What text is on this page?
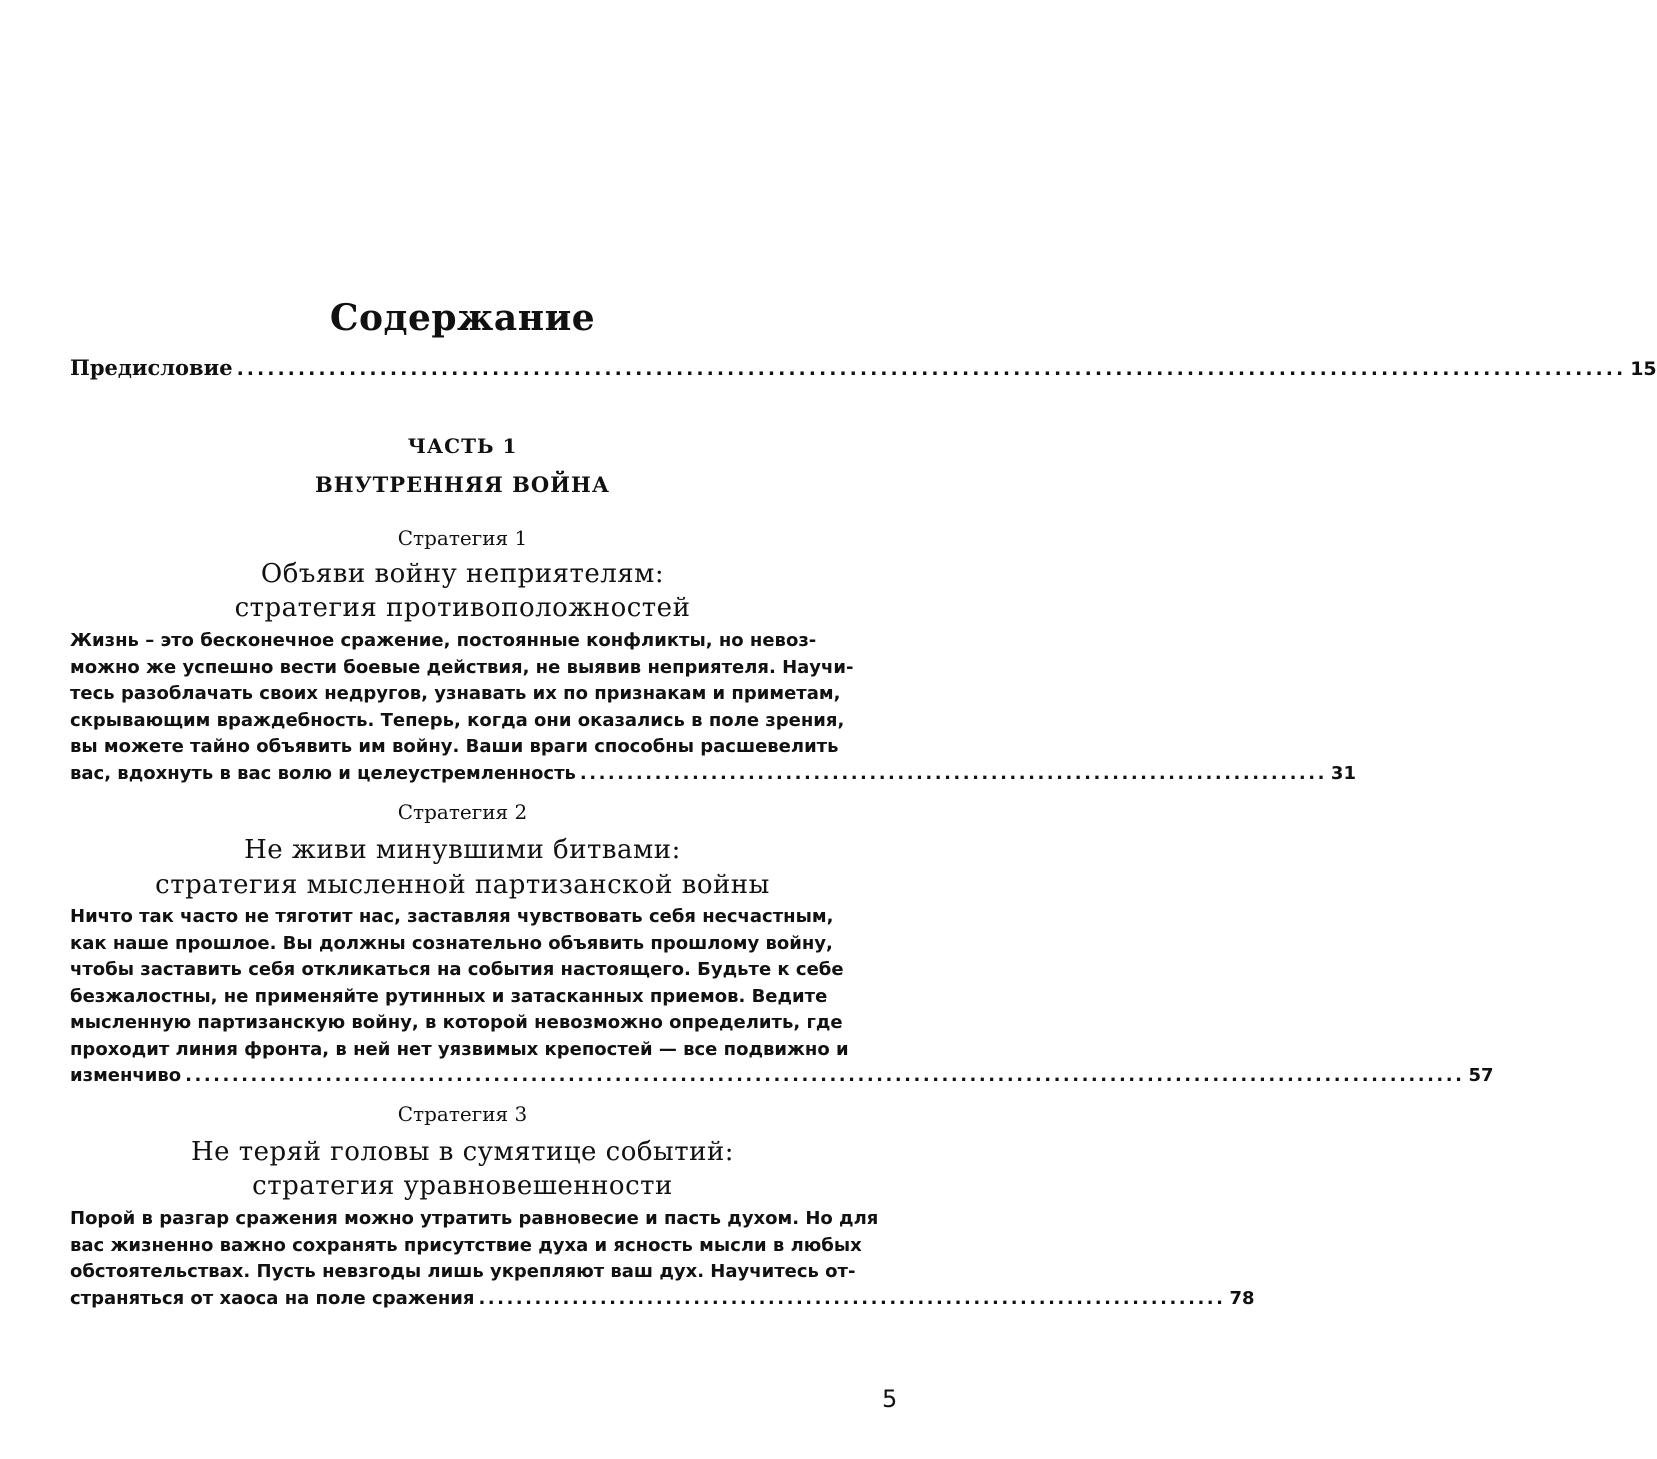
Содержание
Предисловие ........................................................................................................................................ 15
ЧАСТЬ 1
ВНУТРЕННЯЯ ВОЙНА
Стратегия 1
Объяви войну неприятелям:
стратегия противоположностей
Жизнь – это бесконечное сражение, постоянные конфликты, но невоз-
можно же успешно вести боевые действия, не выявив неприятеля. Научи-
тесь разоблачать своих недругов, узнавать их по признакам и приметам,
скрывающим враждебность. Теперь, когда они оказались в поле зрения,
вы можете тайно объявить им войну. Ваши враги способны расшевелить
вас, вдохнуть в вас волю и целеустремленность ................................................................................ 31
Стратегия 2
Не живи минувшими битвами:
стратегия мысленной партизанской войны
Ничто так часто не тяготит нас, заставляя чувствовать себя несчастным,
как наше прошлое. Вы должны сознательно объявить прошлому войну,
чтобы заставить себя откликаться на события настоящего. Будьте к себе
безжалостны, не применяйте рутинных и затасканных приемов. Ведите
мысленную партизанскую войну, в которой невозможно определить, где
проходит линия фронта, в ней нет уязвимых крепостей — все подвижно и
изменчиво ......................................................................................................................................... 57
Стратегия 3
Не теряй головы в сумятице событий:
стратегия уравновешенности
Порой в разгар сражения можно утратить равновесие и пасть духом. Но для
вас жизненно важно сохранять присутствие духа и ясность мысли в любых
обстоятельствах. Пусть невзгоды лишь укрепляют ваш дух. Научитесь от-
страняться от хаоса на поле сражения ................................................................................ 78
5
